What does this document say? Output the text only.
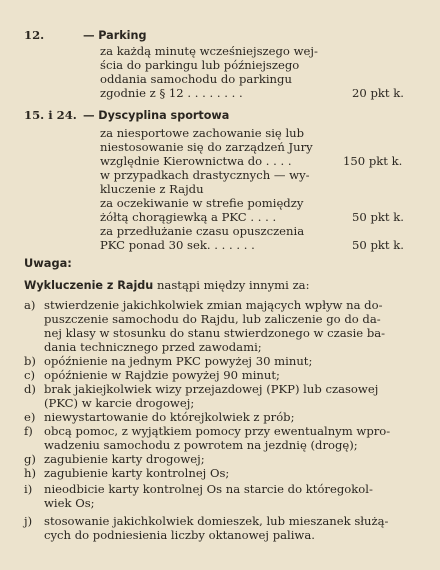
12.	— Parking
za każdą minutę wcześniejszego wej-
ścia do parkingu lub późniejszego
oddania samochodu do parkingu
zgodnie z § 12 . . . . . . . .	20 pkt k.
15. i 24. — Dyscyplina sportowa
za niesportowe zachowanie się lub
niestosowanie się do zarządzeń Jury
względnie Kierownictwa do . . . .	150 pkt k.
w przypadkach drastycznych — wy-
kluczenie z Rajdu
za oczekiwanie w strefie pomiędzy
żółtą chorągiewką a PKC . . . .	50 pkt k.
za przedłużanie czasu opuszczenia
PKC ponad 30 sek. . . . . . .	50 pkt k.
Uwaga:
Wykluczenie z Rajdu nastąpi między innymi za:
a) stwierdzenie jakichkolwiek zmian mających wpływ na do-
puszczenie samochodu do Rajdu, lub zaliczenie go do da-
nej klasy w stosunku do stanu stwierdzonego w czasie ba-
dania technicznego przed zawodami;
b) opóźnienie na jednym PKC powyżej 30 minut;
c) opóźnienie w Rajdzie powyżej 90 minut;
d) brak jakiejkolwiek wizy przejazdowej (PKP) lub czasowej
(PKC) w karcie drogowej;
e) niewystartowanie do którejkolwiek z prób;
f) obcą pomoc, z wyjątkiem pomocy przy ewentualnym wpro-
wadzeniu samochodu z powrotem na jezdnię (drogę);
g) zagubienie karty drogowej;
h) zagubienie karty kontrolnej Os;
i) nieodbicie karty kontrolnej Os na starcie do któregokol-
wiek Os;
j) stosowanie jakichkolwiek domieszek, lub mieszanek służą-
cych do podniesienia liczby oktanowej paliwa.
